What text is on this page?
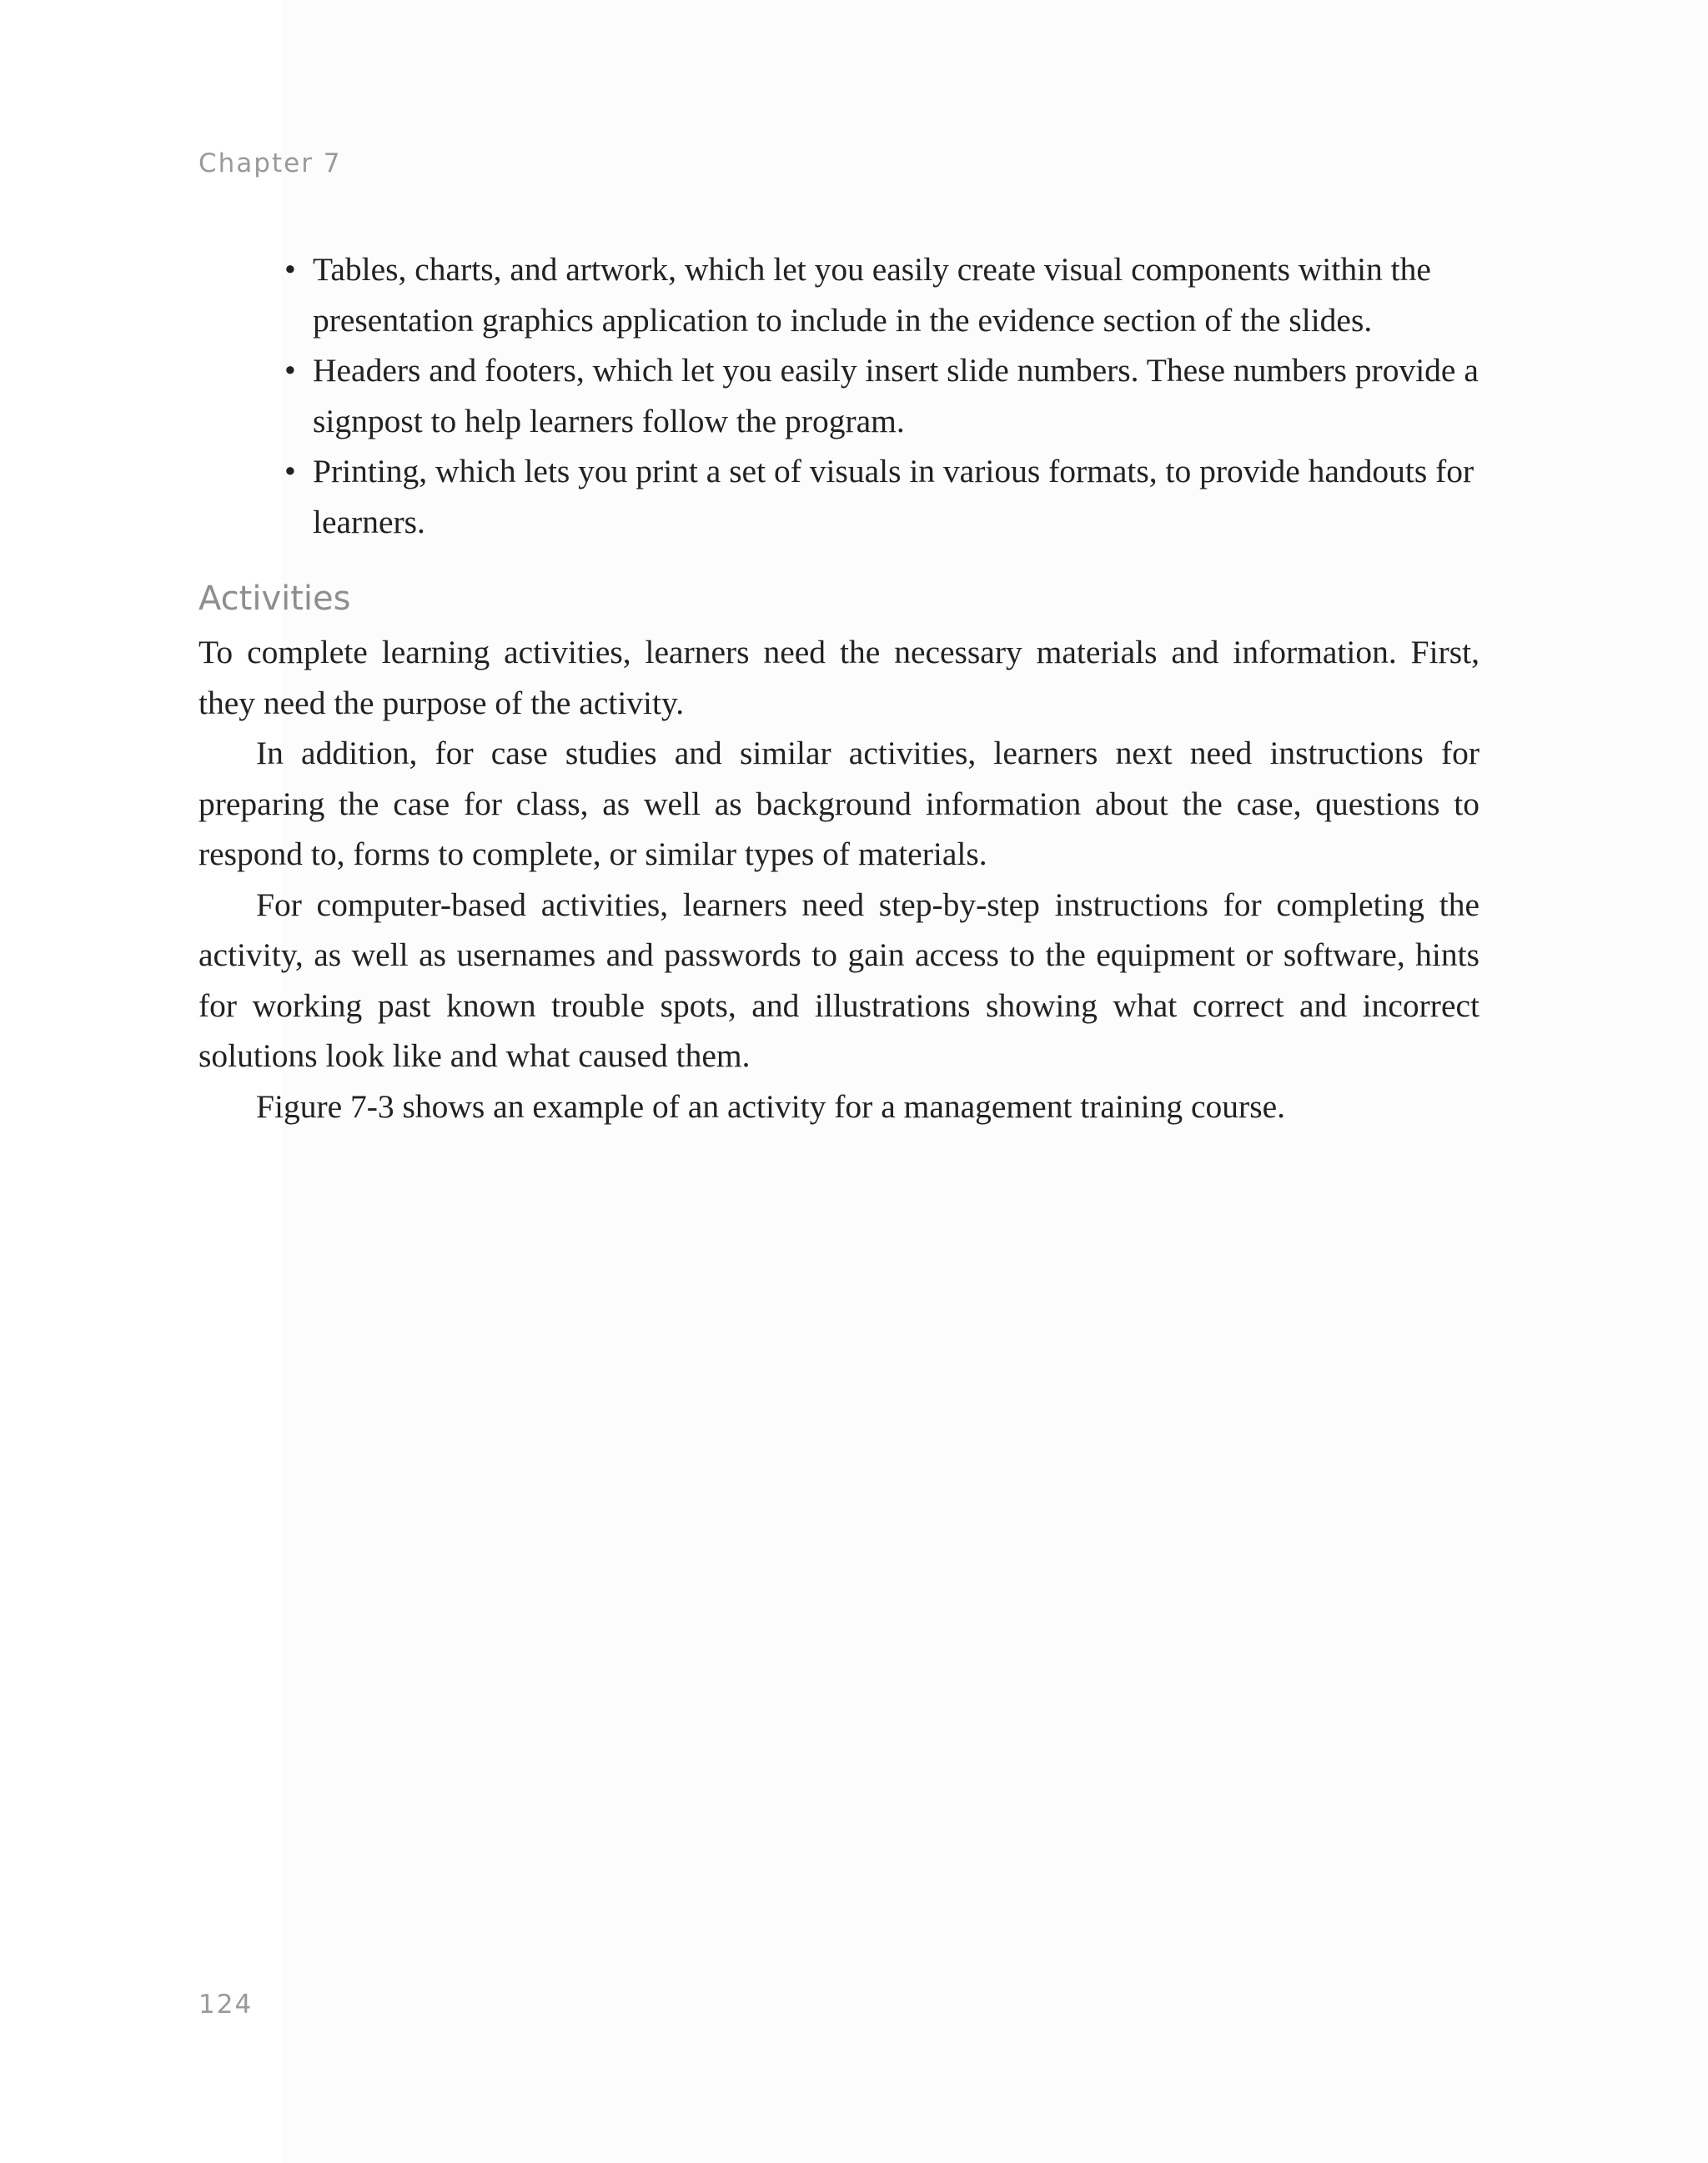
Chapter 7
• Tables, charts, and artwork, which let you easily create visual components within the presentation graphics application to include in the evidence section of the slides.
• Headers and footers, which let you easily insert slide numbers. These numbers provide a signpost to help learners follow the program.
• Printing, which lets you print a set of visuals in various formats, to provide handouts for learners.
Activities

To complete learning activities, learners need the necessary materials and information. First, they need the purpose of the activity.

In addition, for case studies and similar activities, learners next need instructions for preparing the case for class, as well as background information about the case, questions to respond to, forms to complete, or similar types of materials.

For computer-based activities, learners need step-by-step instructions for completing the activity, as well as usernames and passwords to gain access to the equipment or software, hints for working past known trouble spots, and illustrations showing what correct and incorrect solutions look like and what caused them.

Figure 7-3 shows an example of an activity for a management training course.

124
